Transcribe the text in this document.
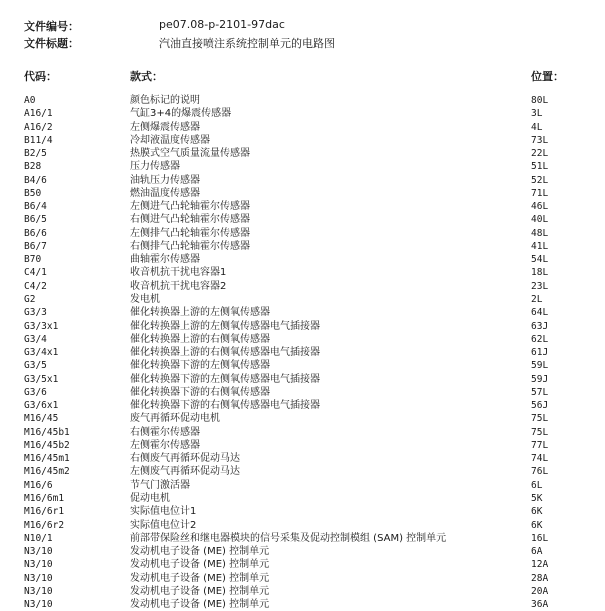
文件编号：	pe07.08-p-2101-97dac
文件标题：	汽油直接喷注系统控制单元的电路图
代码：	款式：	位置：
A0	颜色标记的说明	80L
A16/1	气缸3+4的爆震传感器	3L
A16/2	左侧爆震传感器	4L
B11/4	冷却液温度传感器	73L
B2/5	热膜式空气质量流量传感器	22L
B28	压力传感器	51L
B4/6	油轨压力传感器	52L
B50	燃油温度传感器	71L
B6/4	左侧进气凸轮轴霍尔传感器	46L
B6/5	右侧进气凸轮轴霍尔传感器	40L
B6/6	左侧排气凸轮轴霍尔传感器	48L
B6/7	右侧排气凸轮轴霍尔传感器	41L
B70	曲轴霍尔传感器	54L
C4/1	收音机抗干扰电容器1	18L
C4/2	收音机抗干扰电容器2	23L
G2	发电机	2L
G3/3	催化转换器上游的左侧氧传感器	64L
G3/3x1	催化转换器上游的左侧氧传感器电气插接器	63J
G3/4	催化转换器上游的右侧氧传感器	62L
G3/4x1	催化转换器上游的右侧氧传感器电气插接器	61J
G3/5	催化转换器下游的左侧氧传感器	59L
G3/5x1	催化转换器下游的左侧氧传感器电气插接器	59J
G3/6	催化转换器下游的右侧氧传感器	57L
G3/6x1	催化转换器下游的右侧氧传感器电气插接器	56J
M16/45	废气再循环促动电机	75L
M16/45b1	右侧霍尔传感器	75L
M16/45b2	左侧霍尔传感器	77L
M16/45m1	右侧废气再循环促动马达	74L
M16/45m2	左侧废气再循环促动马达	76L
M16/6	节气门激活器	6L
M16/6m1	促动电机	5K
M16/6r1	实际值电位计1	6K
M16/6r2	实际值电位计2	6K
N10/1	前部带保险丝和继电器模块的信号采集及促动控制模组 (SAM) 控制单元	16L
N3/10	发动机电子设备 (ME) 控制单元	6A
N3/10	发动机电子设备 (ME) 控制单元	12A
N3/10	发动机电子设备 (ME) 控制单元	28A
N3/10	发动机电子设备 (ME) 控制单元	20A
N3/10	发动机电子设备 (ME) 控制单元	36A
